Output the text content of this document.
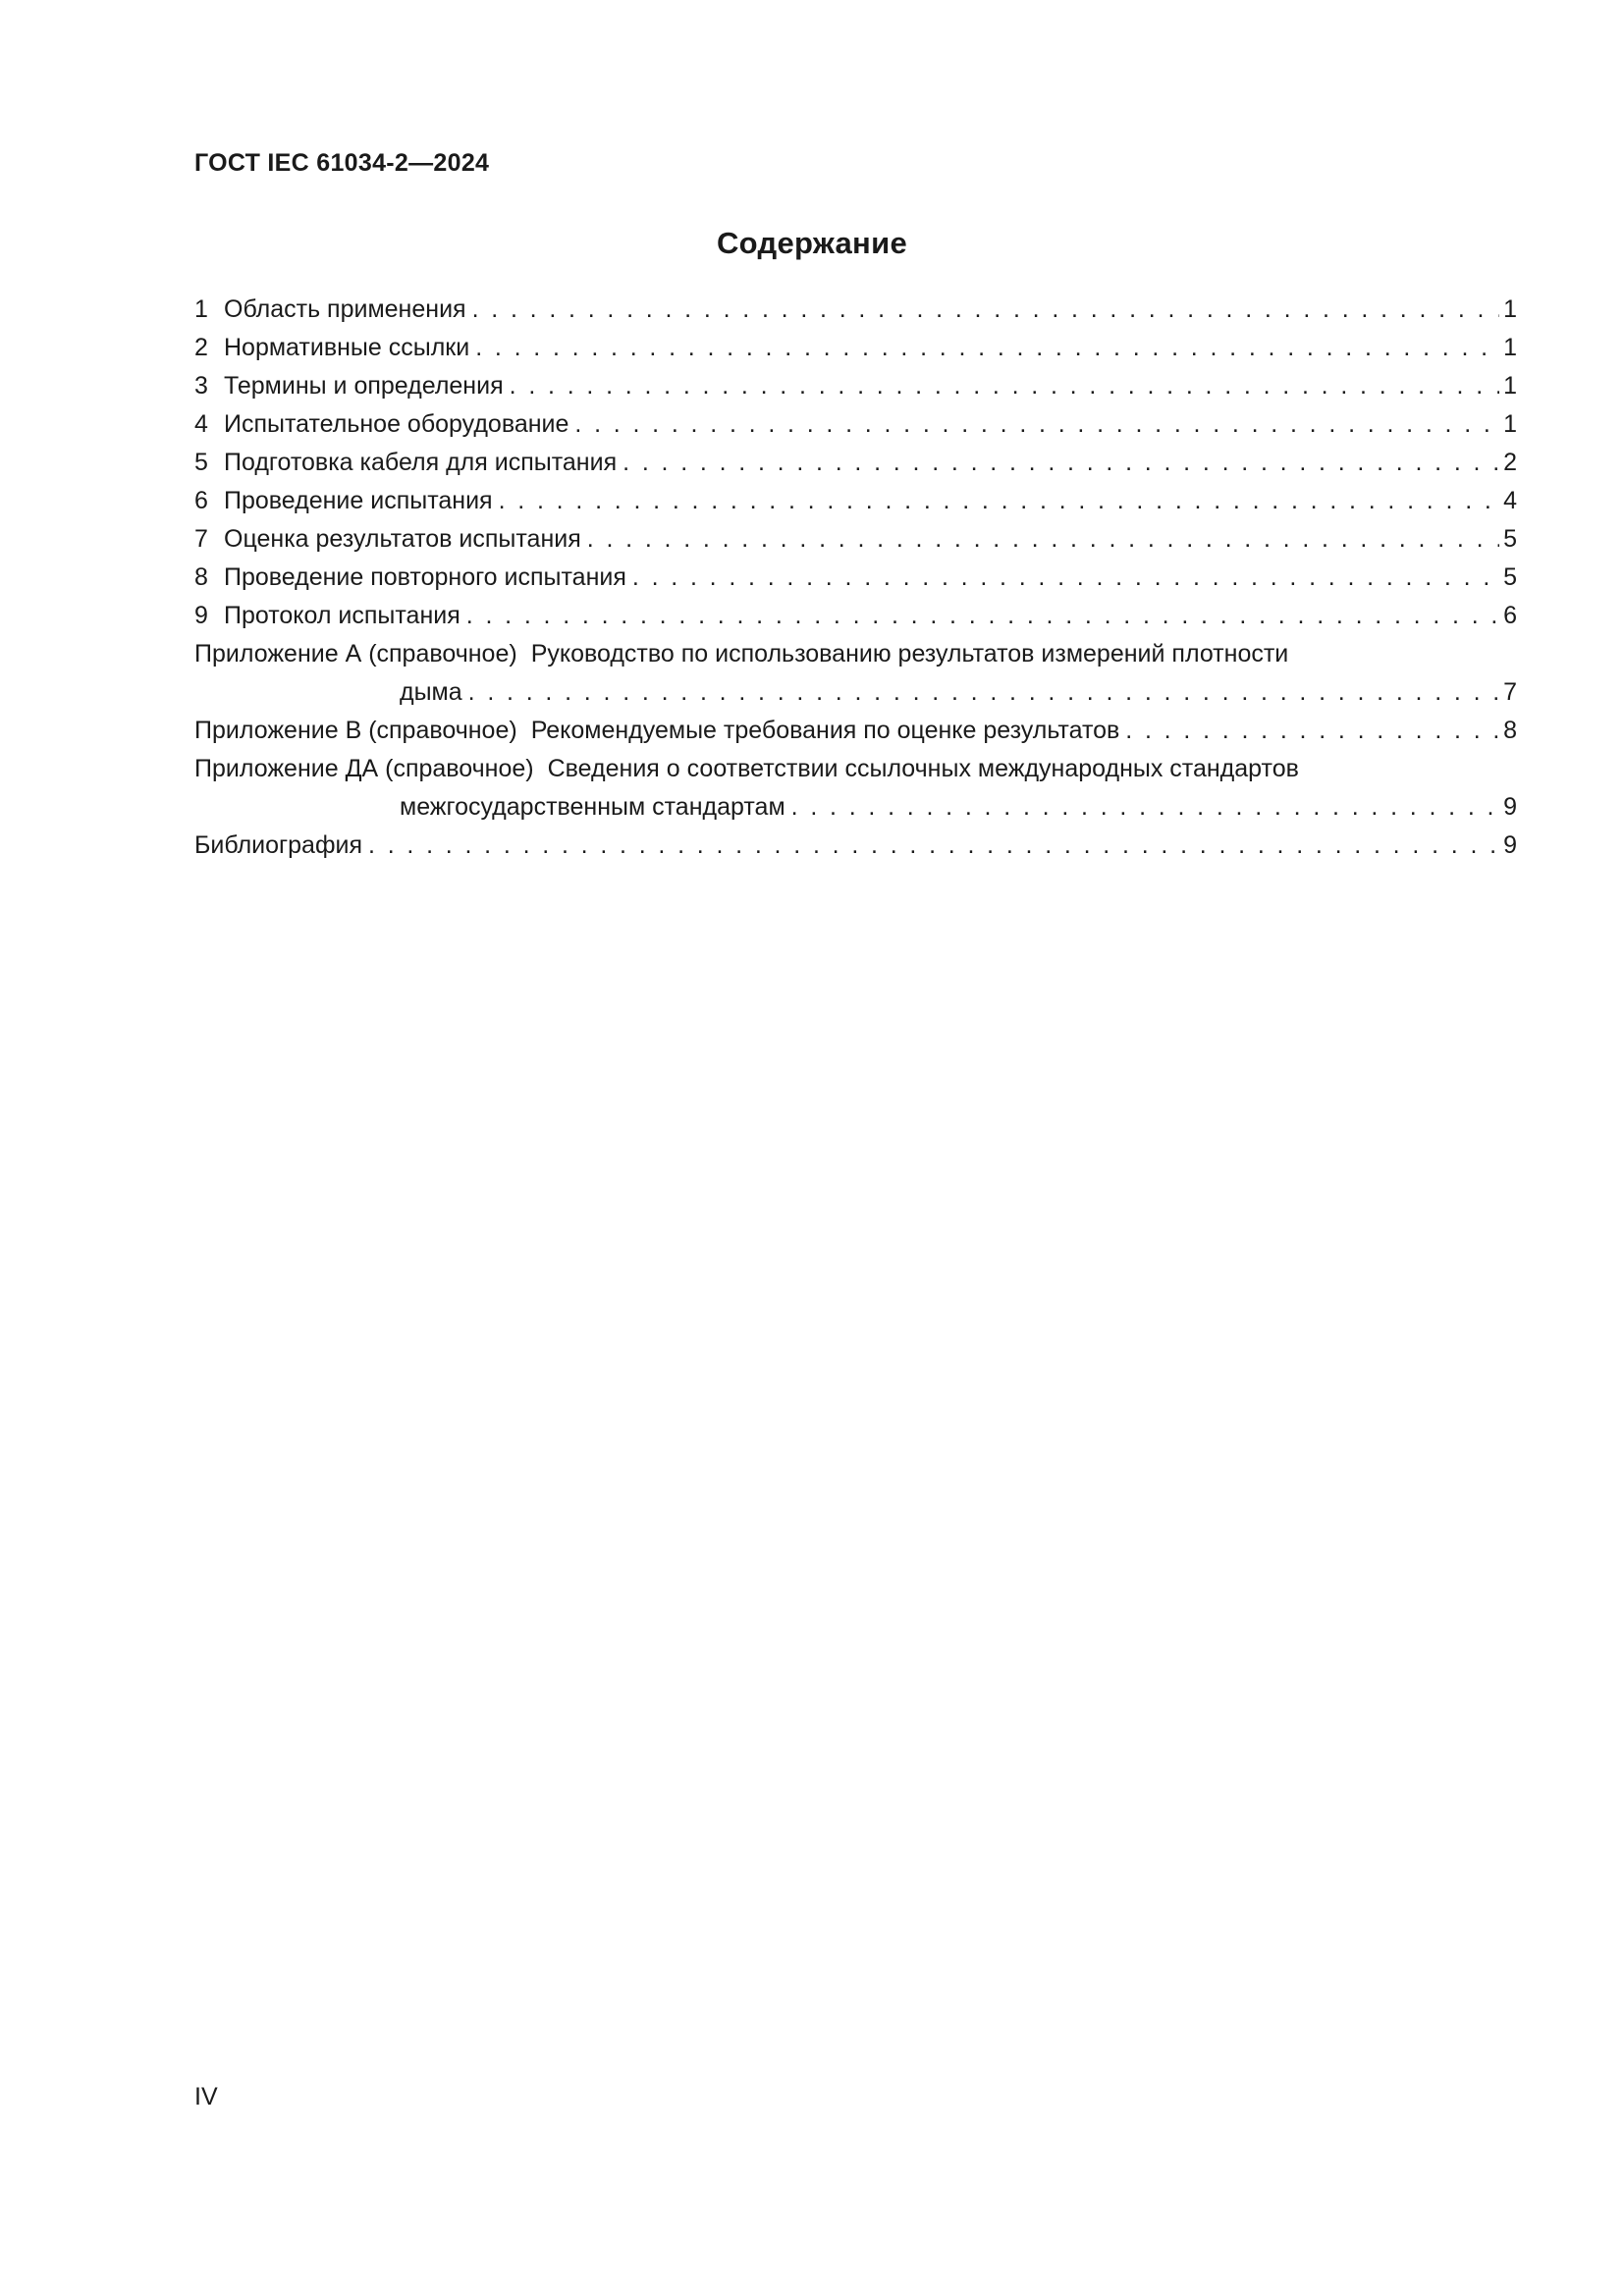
ГОСТ IEC 61034-2—2024
Содержание
1 Область применения . . .	1
2 Нормативные ссылки . . .	1
3 Термины и определения . . .	1
4 Испытательное оборудование . . .	1
5 Подготовка кабеля для испытания . . .	2
6 Проведение испытания . . .	4
7 Оценка результатов испытания . . .	5
8 Проведение повторного испытания . . .	5
9 Протокол испытания . . .	6
Приложение А (справочное) Руководство по использованию результатов измерений плотности
дыма . . .	7
Приложение В (справочное) Рекомендуемые требования по оценке результатов . . .	8
Приложение ДА (справочное) Сведения о соответствии ссылочных международных стандартов
межгосударственным стандартам . . .	9
Библиография . . .	9
IV
